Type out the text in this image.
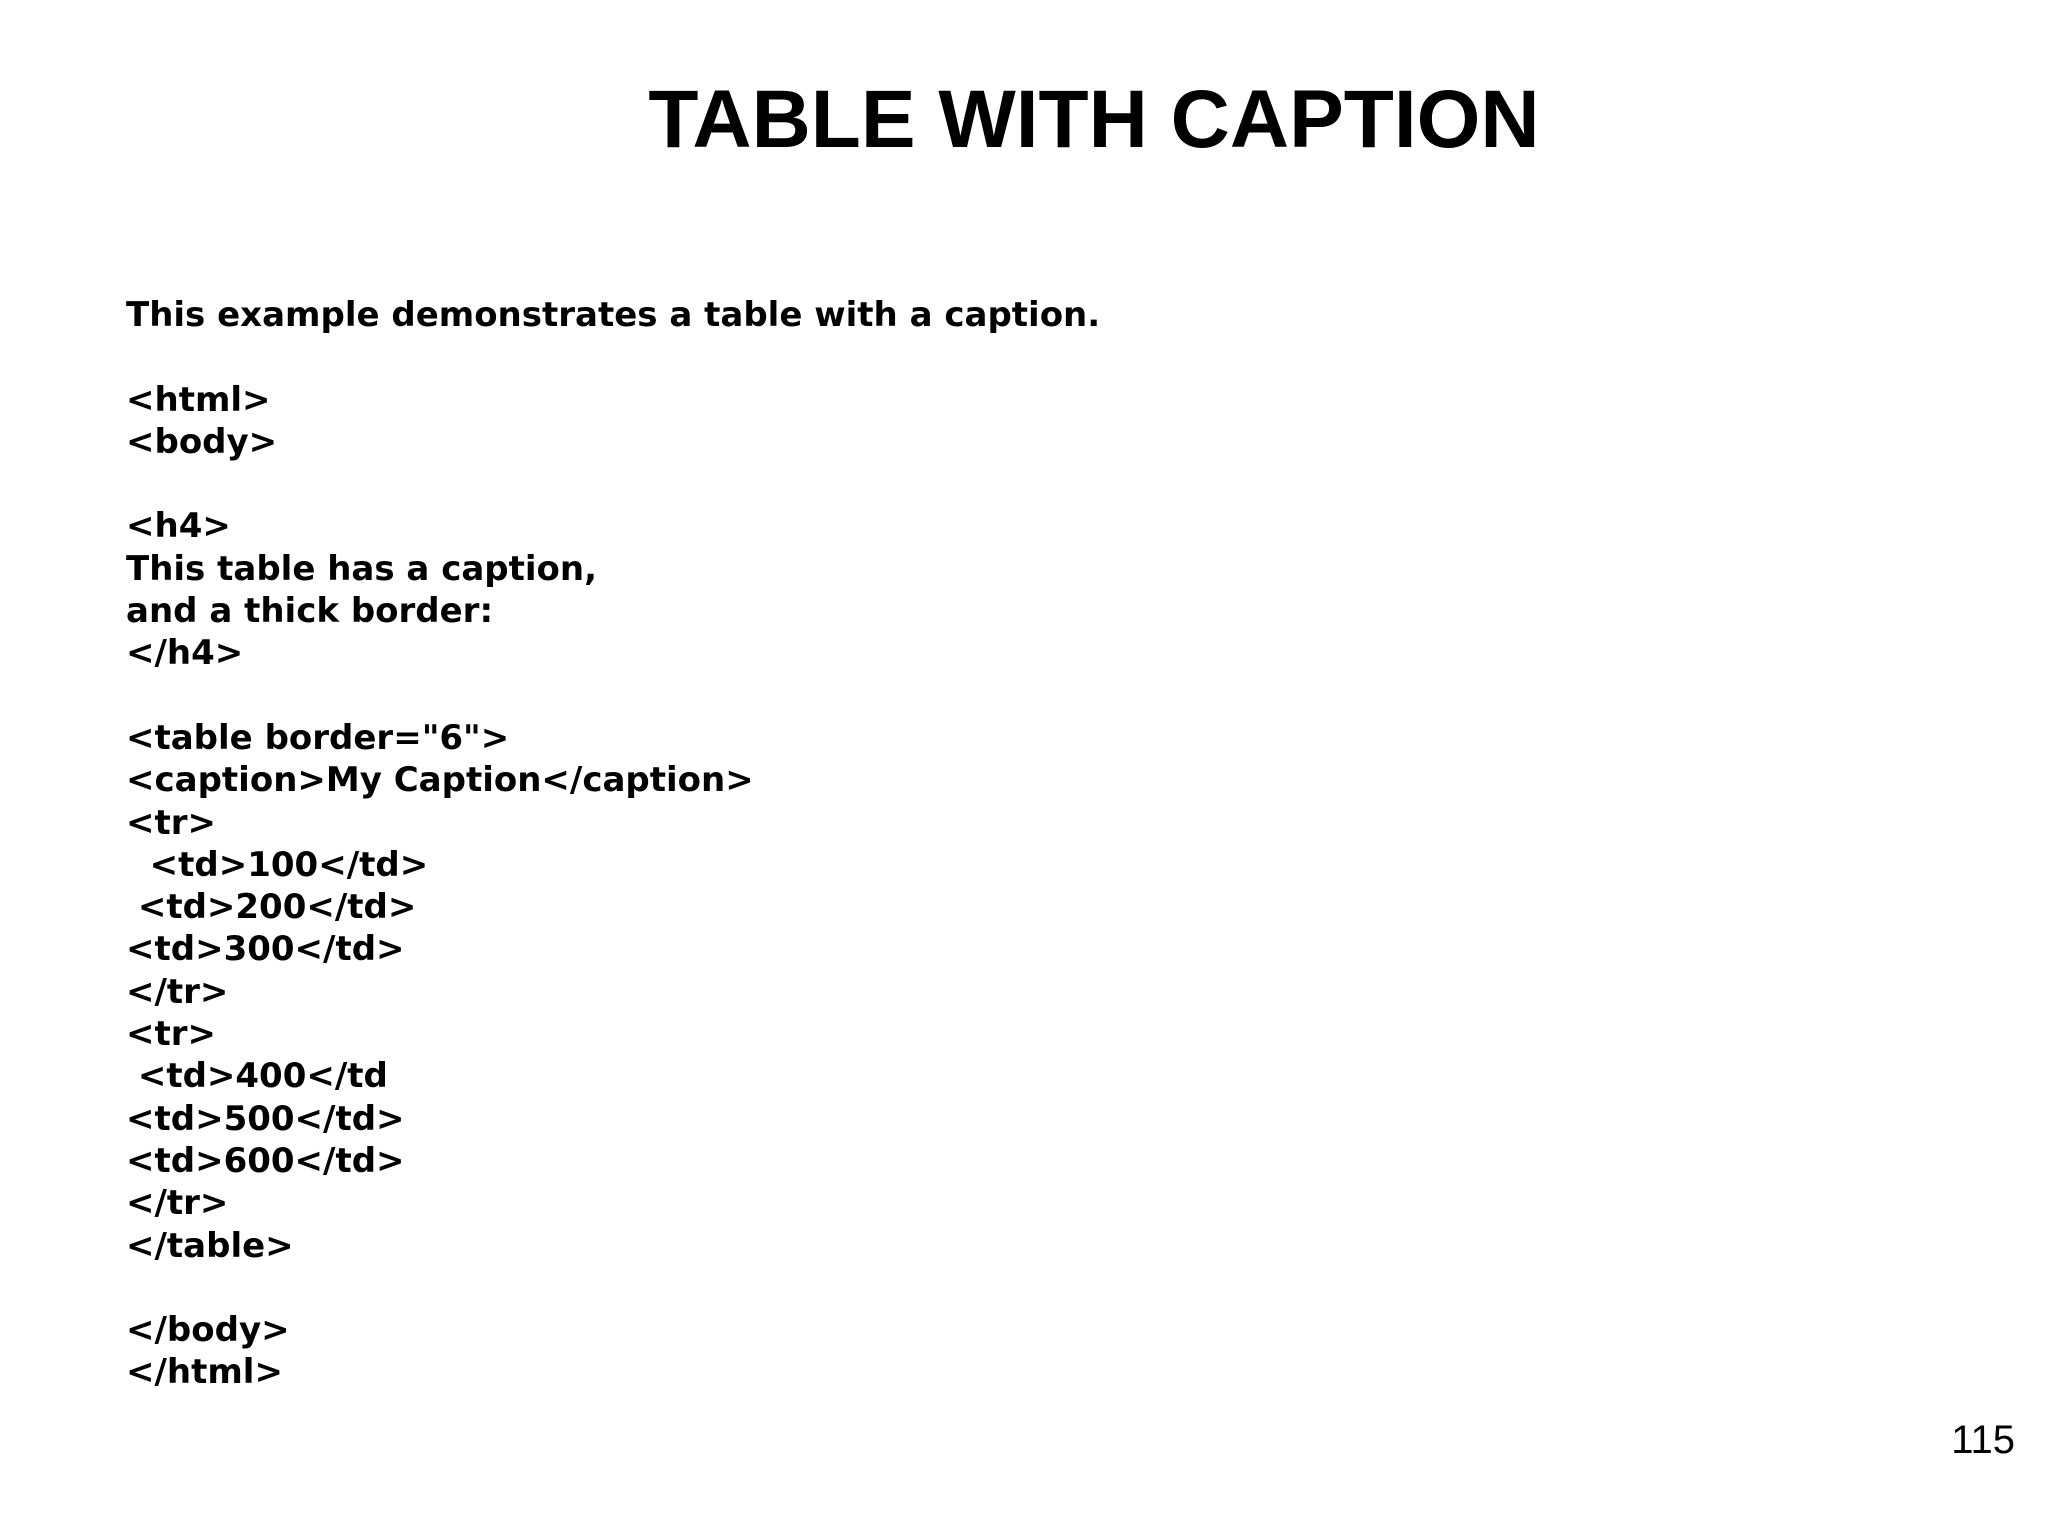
TABLE WITH CAPTION
This example demonstrates a table with a caption.
<html>
<body>
<h4>
This table has a caption,
and a thick border:
</h4>
<table border="6">
<caption>My Caption</caption>
<tr>
<td>100</td>
<td>200</td>
<td>300</td>
</tr>
<tr>
<td>400</td
<td>500</td>
<td>600</td>
</tr>
</table>
</body>
</html>
115
